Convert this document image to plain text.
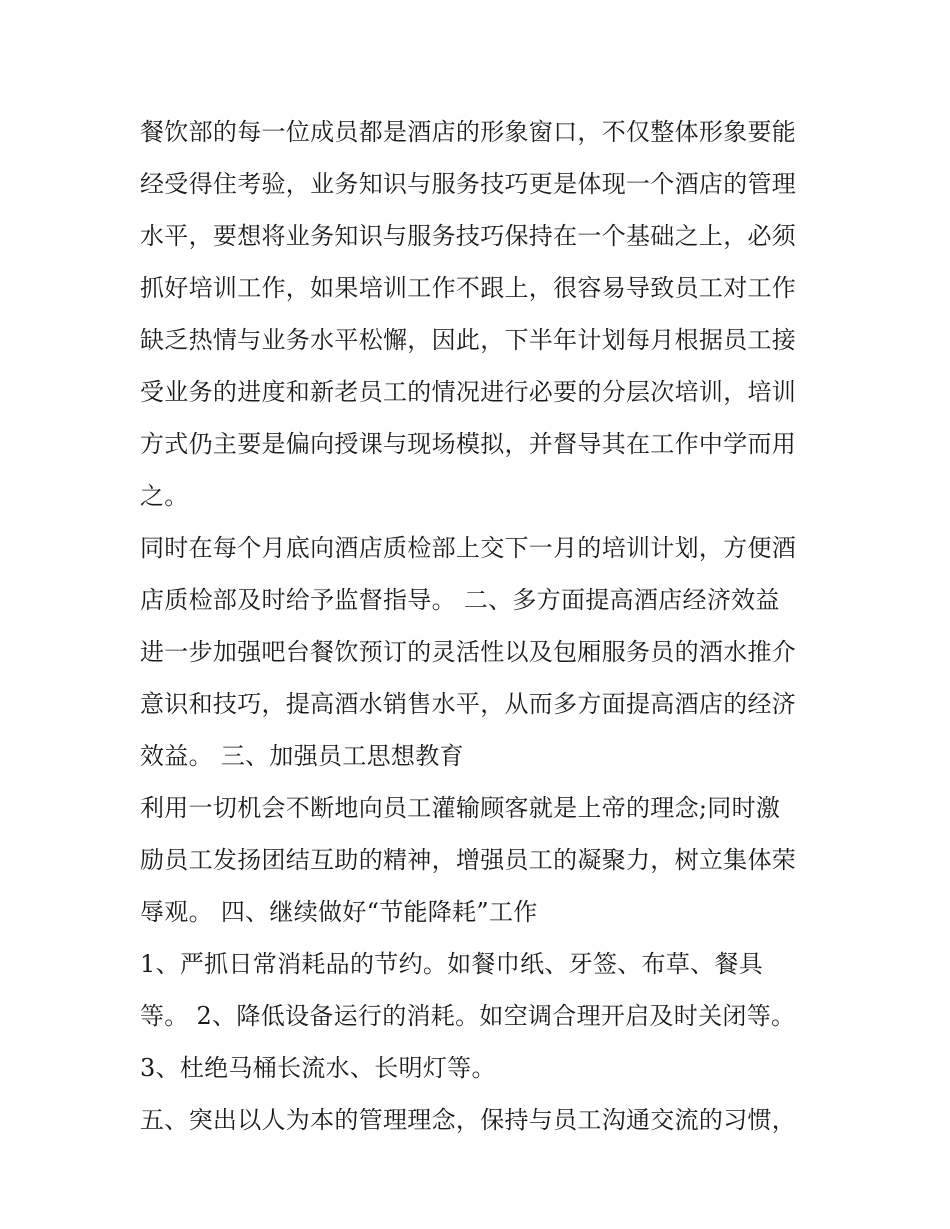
餐饮部的每一位成员都是酒店的形象窗口，不仅整体形象要能
经受得住考验，业务知识与服务技巧更是体现一个酒店的管理
水平，要想将业务知识与服务技巧保持在一个基础之上，必须
抓好培训工作，如果培训工作不跟上，很容易导致员工对工作
缺乏热情与业务水平松懈，因此，下半年计划每月根据员工接
受业务的进度和新老员工的情况进行必要的分层次培训，培训
方式仍主要是偏向授课与现场模拟，并督导其在工作中学而用
之。
同时在每个月底向酒店质检部上交下一月的培训计划，方便酒
店质检部及时给予监督指导。 二、多方面提高酒店经济效益
进一步加强吧台餐饮预订的灵活性以及包厢服务员的酒水推介
意识和技巧，提高酒水销售水平，从而多方面提高酒店的经济
效益。 三、加强员工思想教育
利用一切机会不断地向员工灌输顾客就是上帝的理念;同时激
励员工发扬团结互助的精神，增强员工的凝聚力，树立集体荣
辱观。 四、继续做好“节能降耗”工作
1、严抓日常消耗品的节约。如餐巾纸、牙签、布草、餐具
等。 2、降低设备运行的消耗。如空调合理开启及时关闭等。
3、杜绝马桶长流水、长明灯等。
五、突出以人为本的管理理念，保持与员工沟通交流的习惯，
